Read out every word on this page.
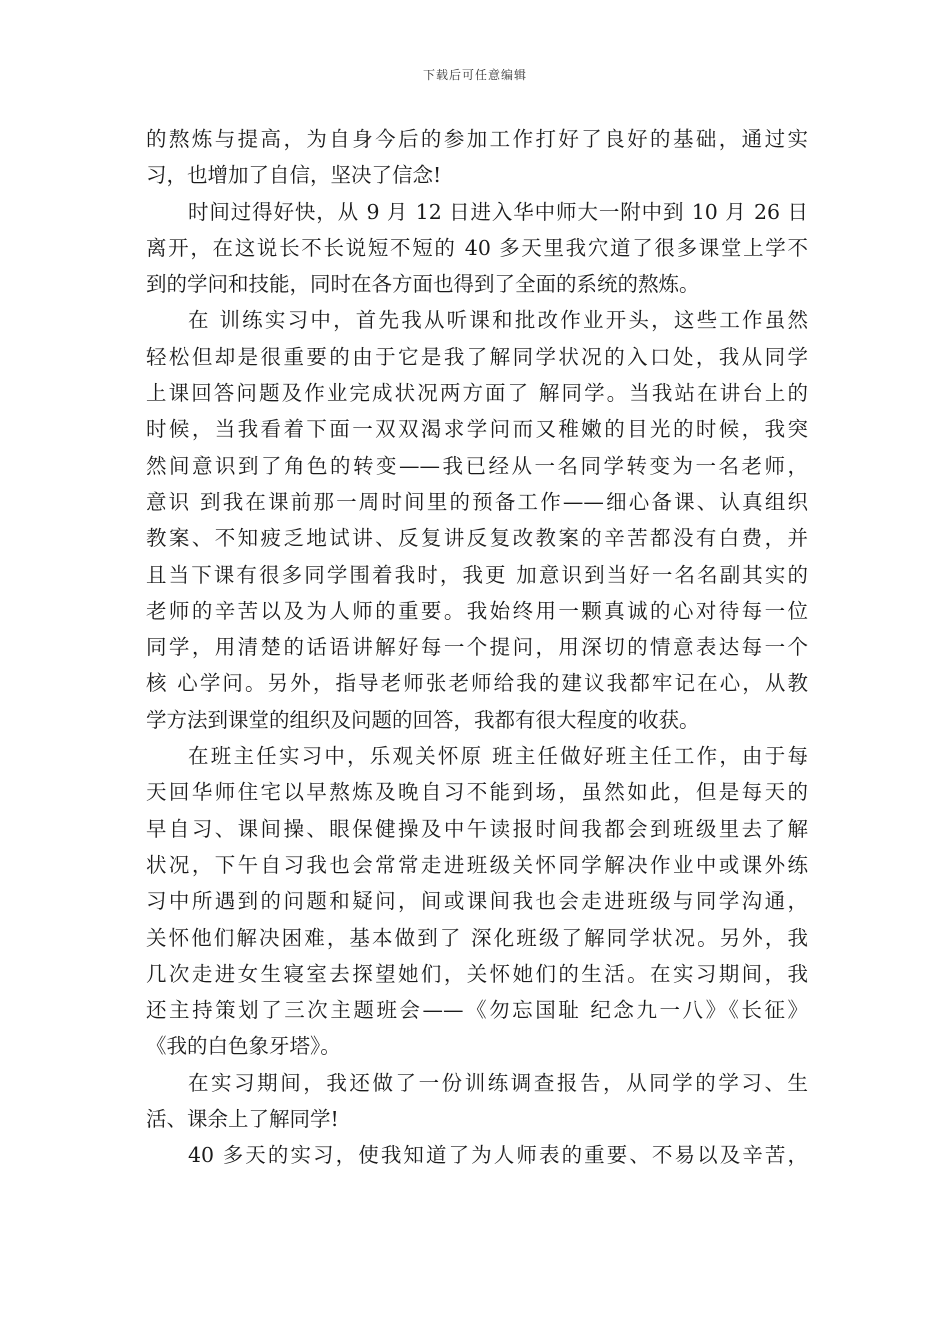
下载后可任意编辑
的熬炼与提高，为自身今后的参加工作打好了良好的基础，通过实
习，也增加了自信，坚决了信念!
时间过得好快，从 9 月 12 日进入华中师大一附中到 10 月 26 日
离开，在这说长不长说短不短的 40 多天里我穴道了很多课堂上学不
到的学问和技能，同时在各方面也得到了全面的系统的熬炼。
在 训练实习中，首先我从听课和批改作业开头，这些工作虽然
轻松但却是很重要的由于它是我了解同学状况的入口处，我从同学
上课回答问题及作业完成状况两方面了 解同学。当我站在讲台上的
时候，当我看着下面一双双渴求学问而又稚嫩的目光的时候，我突
然间意识到了角色的转变——我已经从一名同学转变为一名老师，
意识 到我在课前那一周时间里的预备工作——细心备课、认真组织
教案、不知疲乏地试讲、反复讲反复改教案的辛苦都没有白费，并
且当下课有很多同学围着我时，我更 加意识到当好一名名副其实的
老师的辛苦以及为人师的重要。我始终用一颗真诚的心对待每一位
同学，用清楚的话语讲解好每一个提问，用深切的情意表达每一个
核 心学问。另外，指导老师张老师给我的建议我都牢记在心，从教
学方法到课堂的组织及问题的回答，我都有很大程度的收获。
在班主任实习中，乐观关怀原 班主任做好班主任工作，由于每
天回华师住宅以早熬炼及晚自习不能到场，虽然如此，但是每天的
早自习、课间操、眼保健操及中午读报时间我都会到班级里去了解
状况，下午自习我也会常常走进班级关怀同学解决作业中或课外练
习中所遇到的问题和疑问，间或课间我也会走进班级与同学沟通，
关怀他们解决困难，基本做到了 深化班级了解同学状况。另外，我
几次走进女生寝室去探望她们，关怀她们的生活。在实习期间，我
还主持策划了三次主题班会——《勿忘国耻 纪念九一八》《长征》
《我的白色象牙塔》。
在实习期间，我还做了一份训练调查报告，从同学的学习、生
活、课余上了解同学!
40 多天的实习，使我知道了为人师表的重要、不易以及辛苦，
